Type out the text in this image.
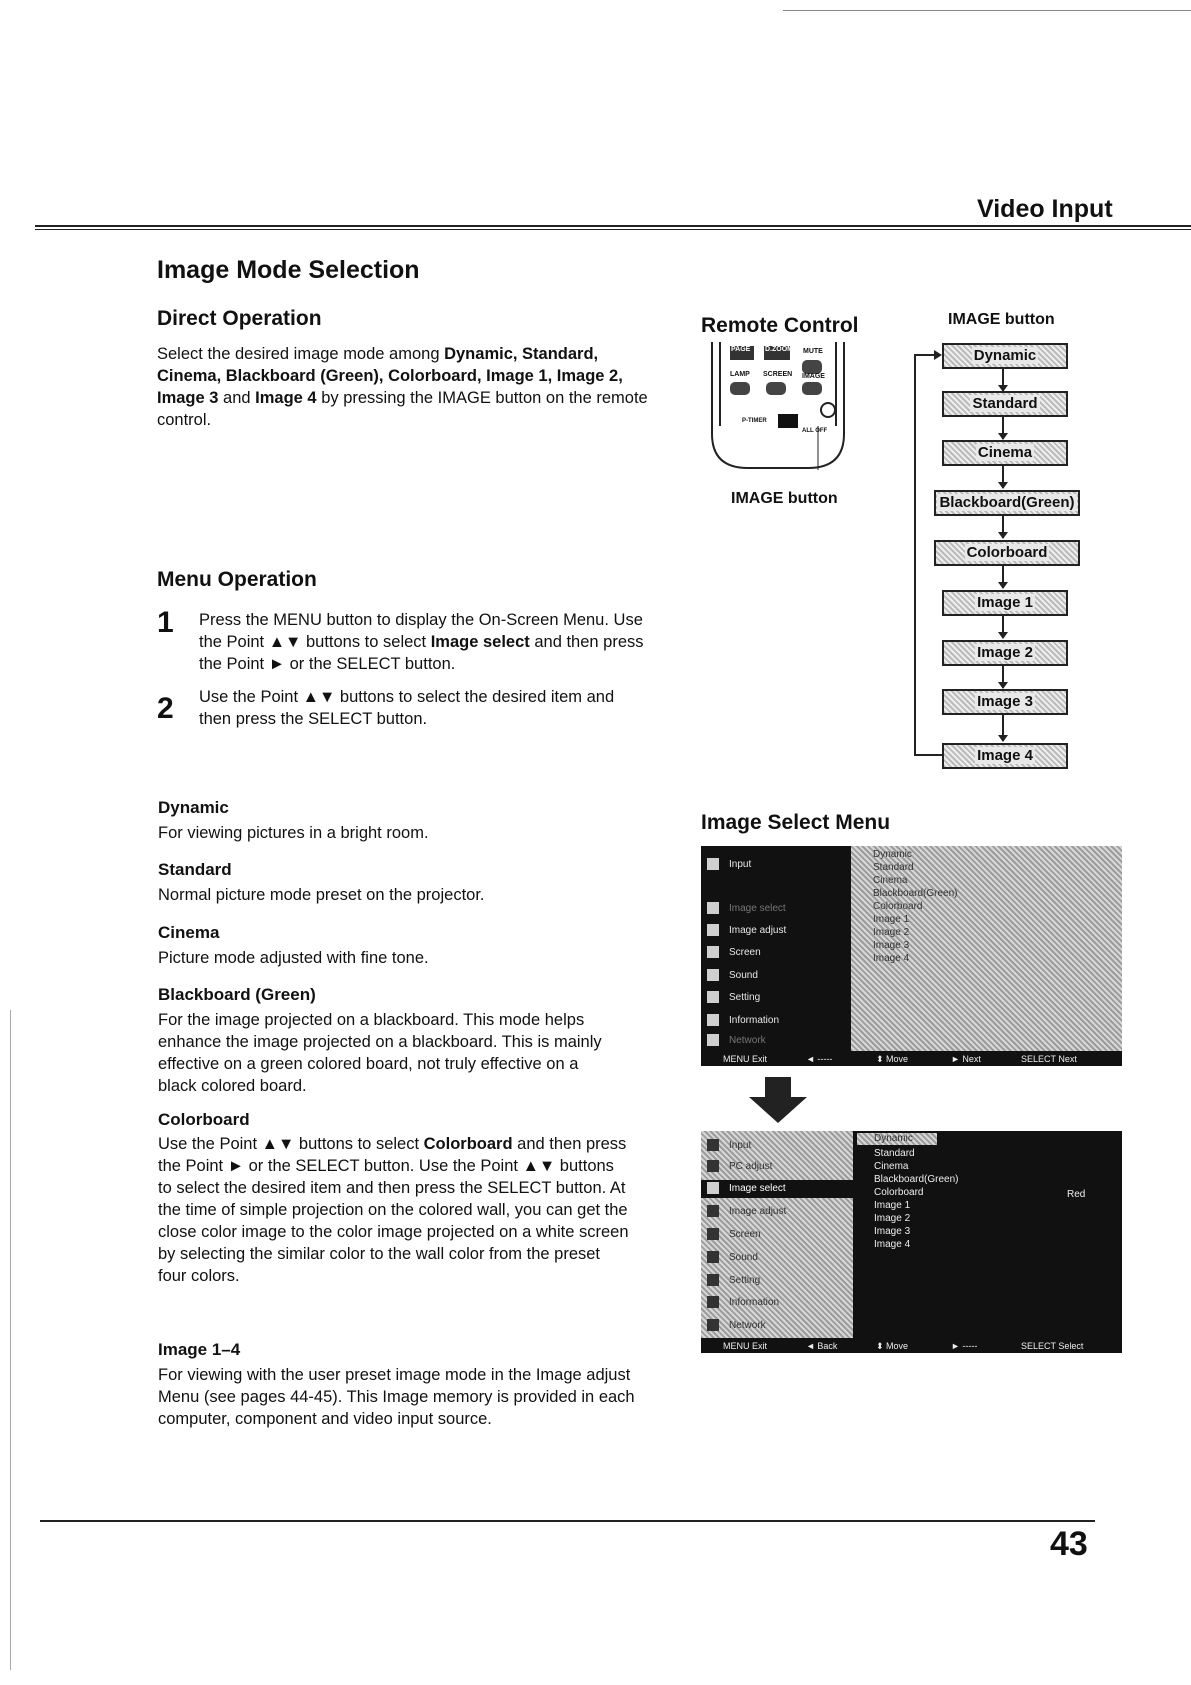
Video Input
Image Mode Selection
Direct Operation
Select the desired image mode among Dynamic, Standard, Cinema, Blackboard (Green), Colorboard, Image 1, Image 2, Image 3 and Image 4 by pressing the IMAGE button on the remote control.
Remote Control
PAGE D.ZOOM MUTE
LAMP SCREEN IMAGE
P-TIMER
ALL OFF
IMAGE button
IMAGE button
Dynamic
Standard
Cinema
Blackboard(Green)
Colorboard
Image 1
Image 2
Image 3
Image 4
Menu Operation
1 Press the MENU button to display the On-Screen Menu. Use the Point ▲▼ buttons to select Image select and then press the Point ► or the SELECT button.
2 Use the Point ▲▼ buttons to select the desired item and then press the SELECT button.
Dynamic
For viewing pictures in a bright room.
Standard
Normal picture mode preset on the projector.
Cinema
Picture mode adjusted with fine tone.
Blackboard (Green)
For the image projected on a blackboard. This mode helps enhance the image projected on a blackboard. This is mainly effective on a green colored board, not truly effective on a black colored board.
Colorboard
Use the Point ▲▼ buttons to select Colorboard and then press the Point ► or the SELECT button. Use the Point ▲▼ buttons to select the desired item and then press the SELECT button. At the time of simple projection on the colored wall, you can get the close color image to the color image projected on a white screen by selecting the similar color to the wall color from the preset four colors.
Image 1–4
For viewing with the user preset image mode in the Image adjust Menu (see pages 44-45). This Image memory is provided in each computer, component and video input source.
Image Select Menu
Input
Image select
Image adjust
Screen
Sound
Setting
Information
Network
Dynamic
Standard
Cinema
Blackboard(Green)
Colorboard
Image 1
Image 2
Image 3
Image 4
MENU Exit	◄ -----	⬍ Move	► Next	SELECT Next
Input
PC adjust
Image select
Image adjust
Screen
Sound
Setting
Information
Network
Dynamic
Standard
Cinema
Blackboard(Green)
Colorboard	Red
Image 1
Image 2
Image 3
Image 4
MENU Exit	◄ Back	⬍ Move	► -----	SELECT Select
43
